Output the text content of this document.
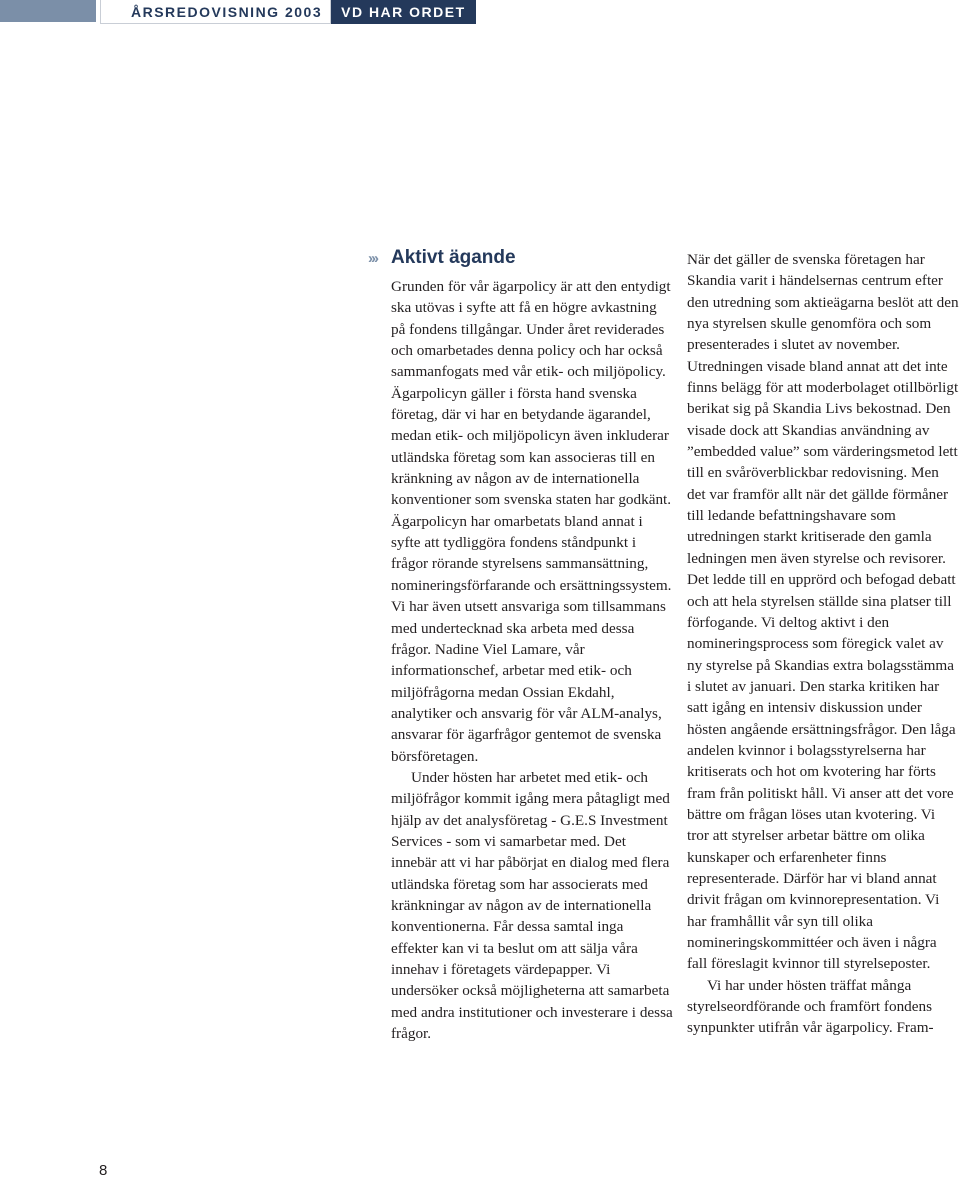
ÅRSREDOVISNING 2003	VD HAR ORDET
››› Aktivt ägande

Grunden för vår ägarpolicy är att den entydigt ska utövas i syfte att få en högre avkastning på fondens tillgångar. Under året reviderades och omarbetades denna policy och har också sammanfogats med vår etik- och miljöpolicy. Ägarpolicyn gäller i första hand svenska företag, där vi har en betydande ägarandel, medan etik- och miljöpolicyn även inkluderar utländska företag som kan associeras till en kränkning av någon av de internationella konventioner som svenska staten har godkänt. Ägarpolicyn har omarbetats bland annat i syfte att tydliggöra fondens ståndpunkt i frågor rörande styrelsens sammansättning, nomineringsförfarande och ersättningssystem. Vi har även utsett ansvariga som tillsammans med undertecknad ska arbeta med dessa frågor. Nadine Viel Lamare, vår informationschef, arbetar med etik- och miljöfrågorna medan Ossian Ekdahl, analytiker och ansvarig för vår ALM-analys, ansvarar för ägarfrågor gentemot de svenska börsföretagen.

Under hösten har arbetet med etik- och miljöfrågor kommit igång mera påtagligt med hjälp av det analysföretag - G.E.S Investment Services - som vi samarbetar med. Det innebär att vi har påbörjat en dialog med flera utländska företag som har associerats med kränkningar av någon av de internationella konventionerna. Får dessa samtal inga effekter kan vi ta beslut om att sälja våra innehav i företagets värdepapper. Vi undersöker också möjligheterna att samarbeta med andra institutioner och investerare i dessa frågor.

När det gäller de svenska företagen har Skandia varit i händelsernas centrum efter den utredning som aktieägarna beslöt att den nya styrelsen skulle genomföra och som presenterades i slutet av november. Utredningen visade bland annat att det inte finns belägg för att moderbolaget otillbörligt berikat sig på Skandia Livs bekostnad. Den visade dock att Skandias användning av ”embedded value” som värderingsmetod lett till en svåröverblickbar redovisning. Men det var framför allt när det gällde förmåner till ledande befattningshavare som utredningen starkt kritiserade den gamla ledningen men även styrelse och revisorer. Det ledde till en upprörd och befogad debatt och att hela styrelsen ställde sina platser till förfogande. Vi deltog aktivt i den nomineringsprocess som föregick valet av ny styrelse på Skandias extra bolagsstämma i slutet av januari. Den starka kritiken har satt igång en intensiv diskussion under hösten angående ersättningsfrågor. Den låga andelen kvinnor i bolagsstyrelserna har kritiserats och hot om kvotering har förts fram från politiskt håll. Vi anser att det vore bättre om frågan löses utan kvotering. Vi tror att styrelser arbetar bättre om olika kunskaper och erfarenheter finns representerade. Därför har vi bland annat drivit frågan om kvinnorepresentation. Vi har framhållit vår syn till olika nomineringskommittéer och även i några fall föreslagit kvinnor till styrelseposter.

Vi har under hösten träffat många styrelseordförande och framfört fondens synpunkter utifrån vår ägarpolicy. Fram-

8
